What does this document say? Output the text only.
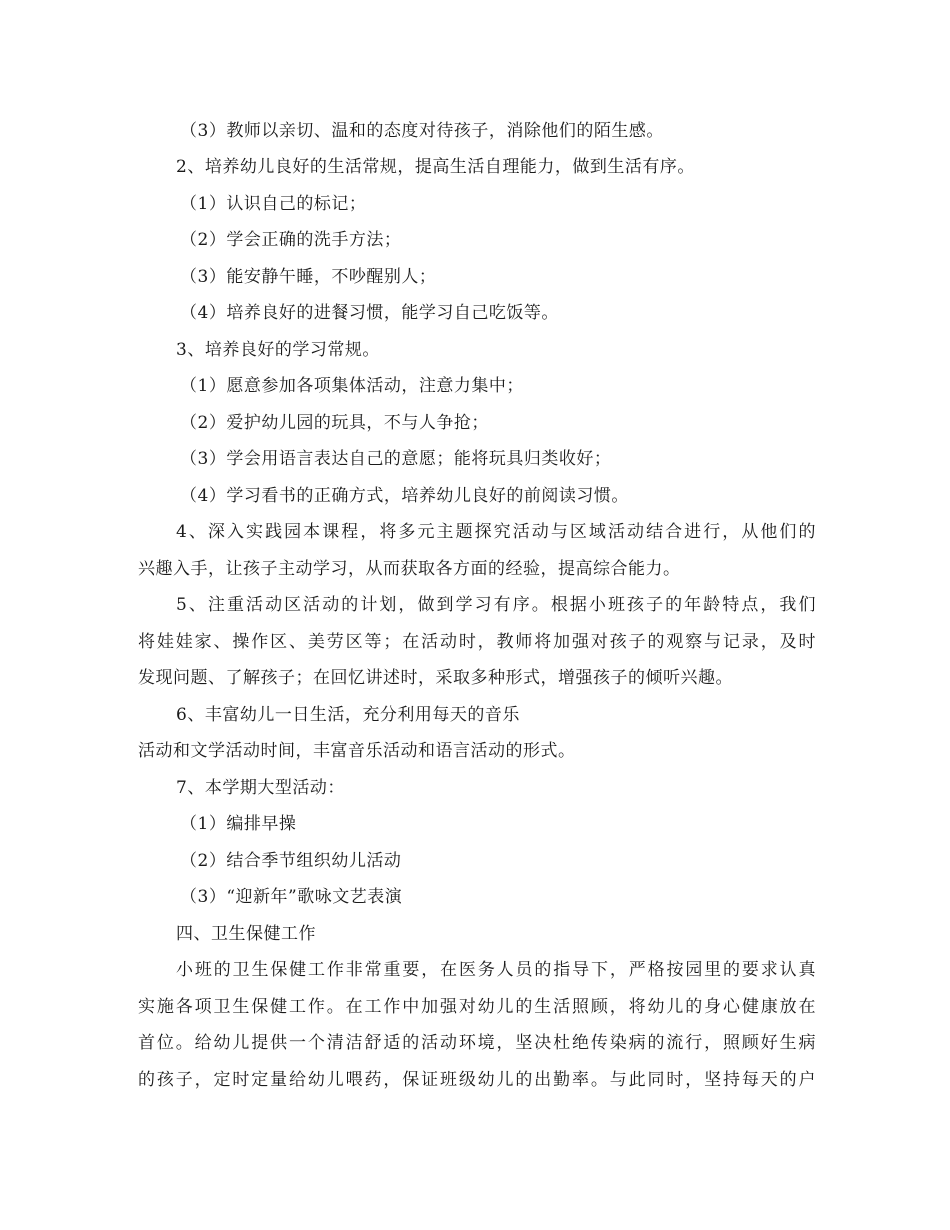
（3）教师以亲切、温和的态度对待孩子，消除他们的陌生感。
2、培养幼儿良好的生活常规，提高生活自理能力，做到生活有序。
（1）认识自己的标记；
（2）学会正确的洗手方法；
（3）能安静午睡，不吵醒别人；
（4）培养良好的进餐习惯，能学习自己吃饭等。
3、培养良好的学习常规。
（1）愿意参加各项集体活动，注意力集中；
（2）爱护幼儿园的玩具，不与人争抢；
（3）学会用语言表达自己的意愿；能将玩具归类收好；
（4）学习看书的正确方式，培养幼儿良好的前阅读习惯。
4、深入实践园本课程，将多元主题探究活动与区域活动结合进行，从他们的
兴趣入手，让孩子主动学习，从而获取各方面的经验，提高综合能力。
5、注重活动区活动的计划，做到学习有序。根据小班孩子的年龄特点，我们
将娃娃家、操作区、美劳区等；在活动时，教师将加强对孩子的观察与记录，及时
发现问题、了解孩子；在回忆讲述时，采取多种形式，增强孩子的倾听兴趣。
6、丰富幼儿一日生活，充分利用每天的音乐
活动和文学活动时间，丰富音乐活动和语言活动的形式。
7、本学期大型活动：
（1）编排早操
（2）结合季节组织幼儿活动
（3）“迎新年”歌咏文艺表演
四、卫生保健工作
小班的卫生保健工作非常重要，在医务人员的指导下，严格按园里的要求认真
实施各项卫生保健工作。在工作中加强对幼儿的生活照顾，将幼儿的身心健康放在
首位。给幼儿提供一个清洁舒适的活动环境，坚决杜绝传染病的流行，照顾好生病
的孩子，定时定量给幼儿喂药，保证班级幼儿的出勤率。与此同时，坚持每天的户
